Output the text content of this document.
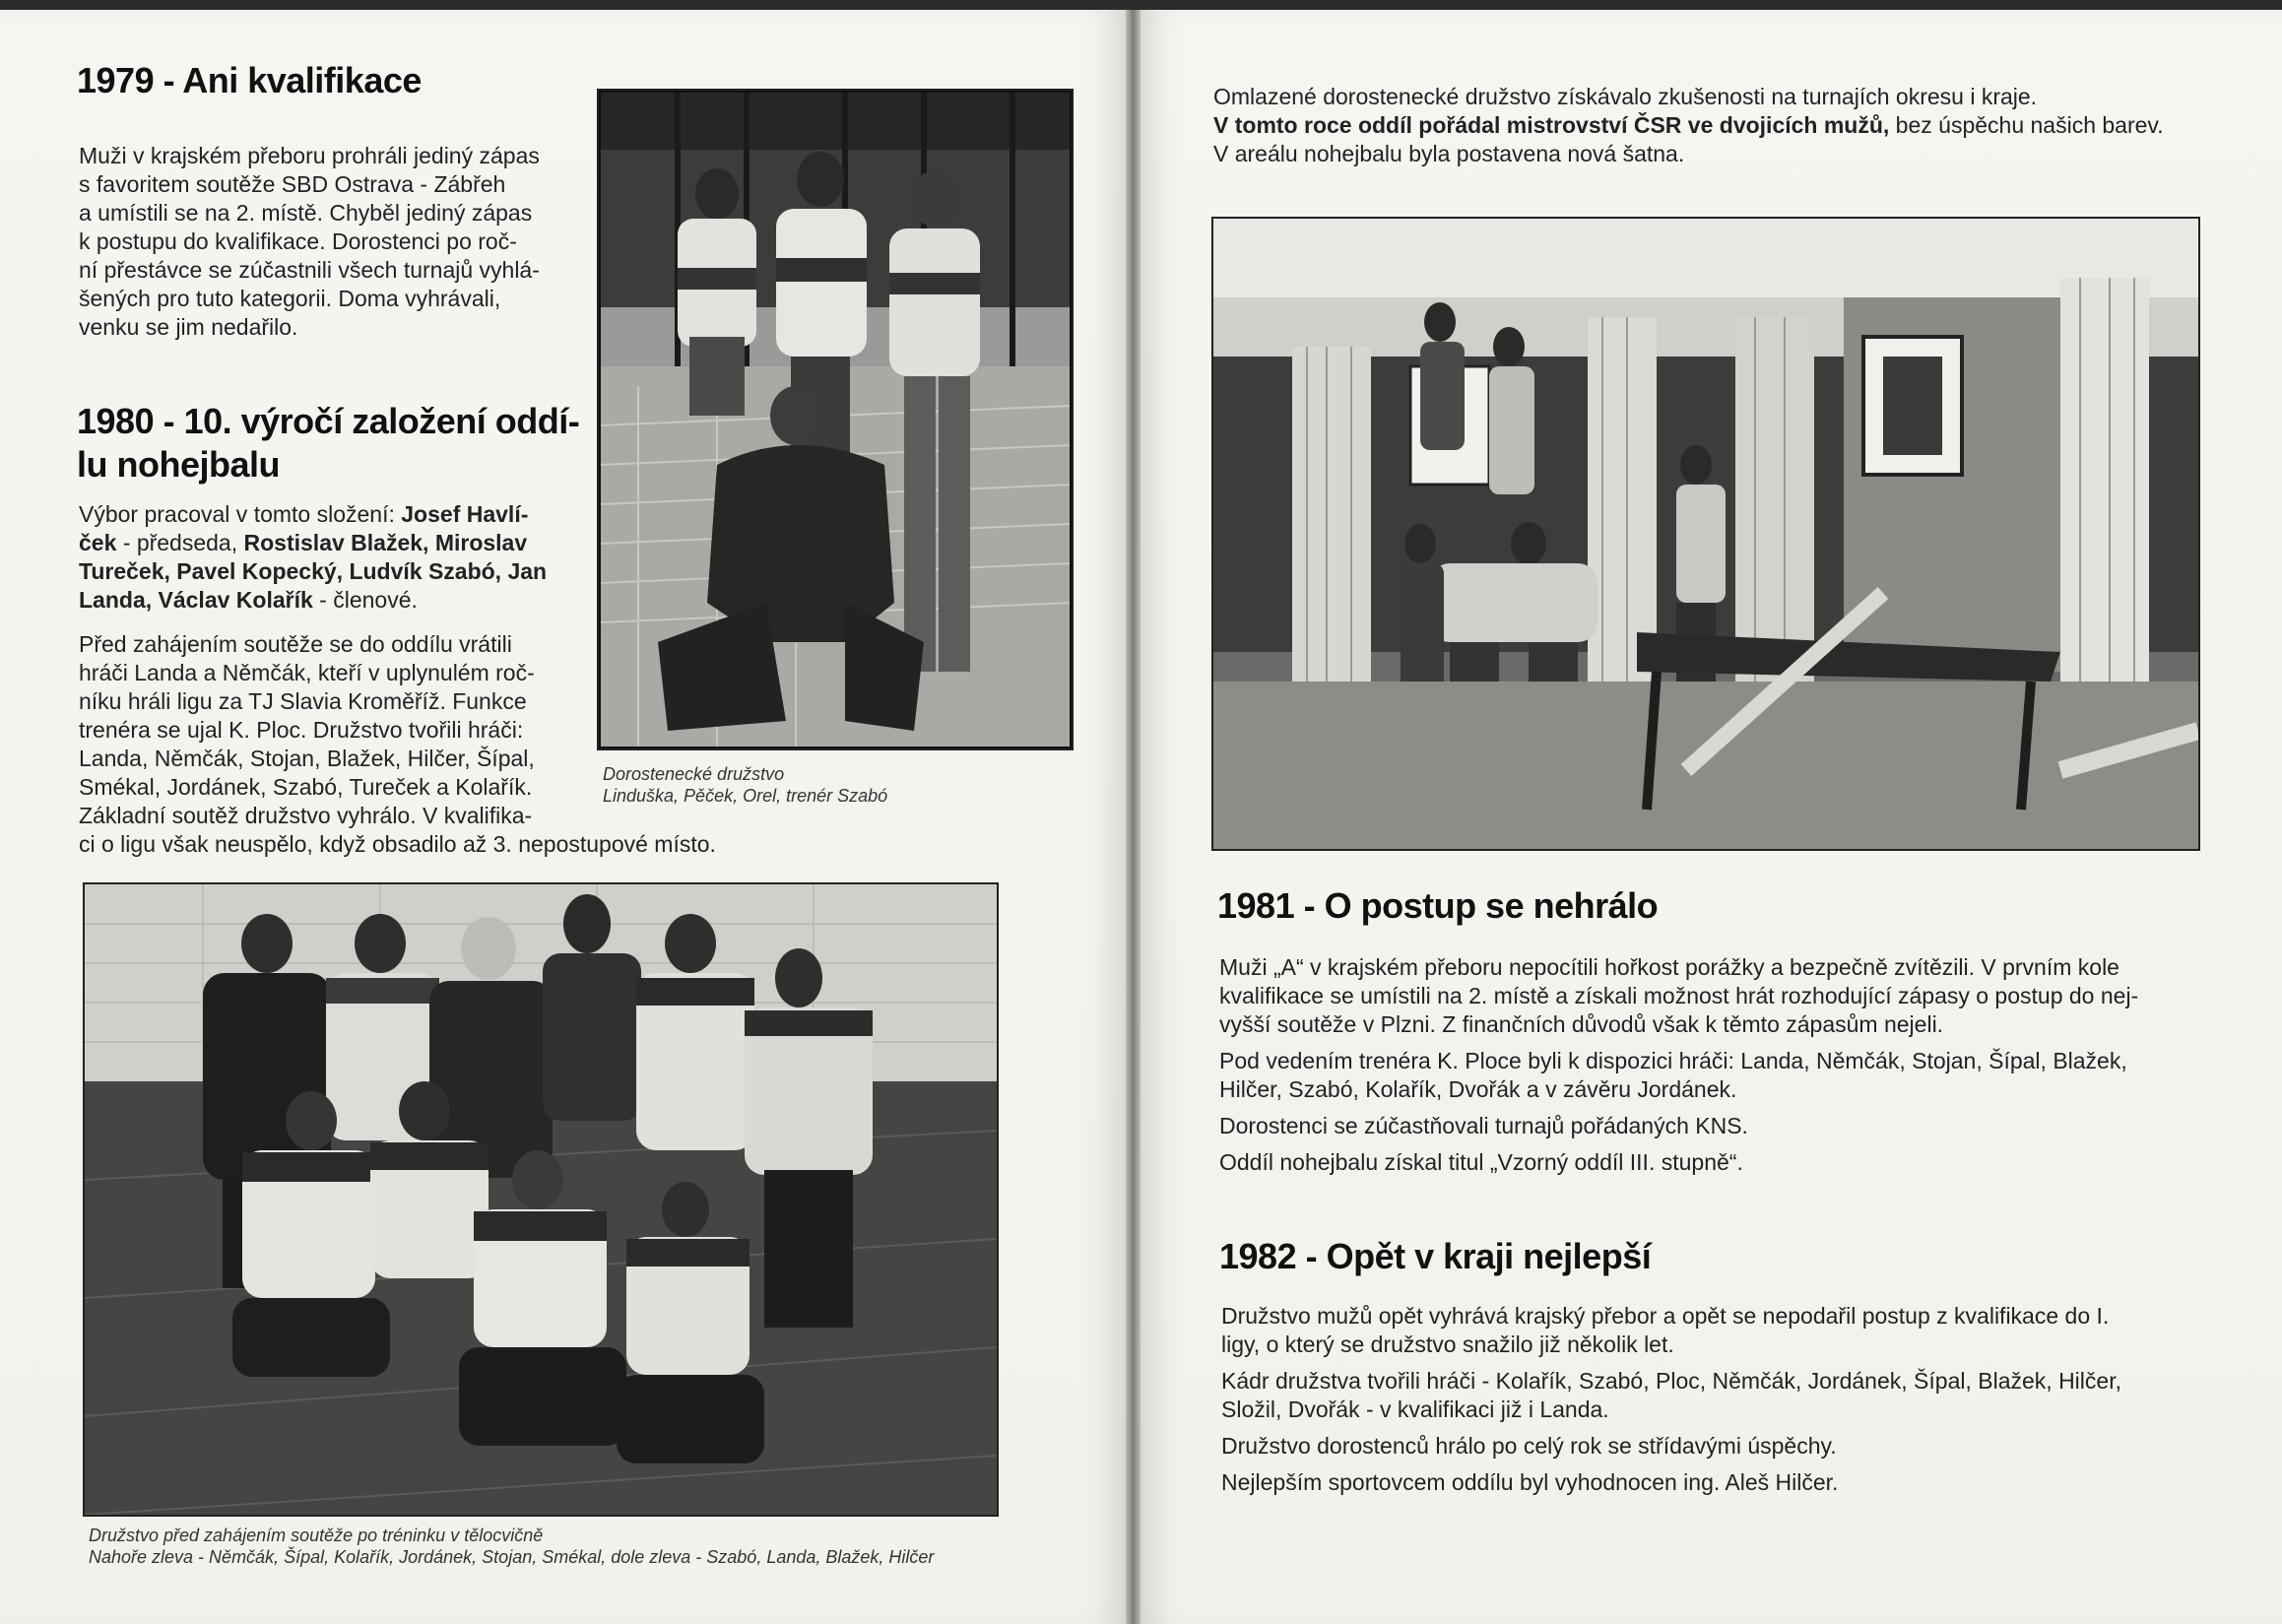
1979 - Ani kvalifikace

Muži v krajském přeboru prohráli jediný zápas

s favoritem soutěže SBD Ostrava - Zábřeh

a umístili se na 2. místě. Chyběl jediný zápas

k postupu do kvalifikace. Dorostenci po roč-

ní přestávce se zúčastnili všech turnajů vyhlá-

šených pro tuto kategorii. Doma vyhrávali,

venku se jim nedařilo.

1980 - 10. výročí založení oddí-
lu nohejbalu

Výbor pracoval v tomto složení: Josef Havlí-

ček - předseda, Rostislav Blažek, Miroslav

Tureček, Pavel Kopecký, Ludvík Szabó, Jan

Landa, Václav Kolařík - členové.

Před zahájením soutěže se do oddílu vrátili

hráči Landa a Němčák, kteří v uplynulém roč-

níku hráli ligu za TJ Slavia Kroměříž. Funkce

trenéra se ujal K. Ploc. Družstvo tvořili hráči:

Landa, Němčák, Stojan, Blažek, Hilčer, Šípal,

Smékal, Jordánek, Szabó, Tureček a Kolařík.

Základní soutěž družstvo vyhrálo. V kvalifika-

ci o ligu však neuspělo, když obsadilo až 3. nepostupové místo.

Dorostenecké družstvo
Linduška, Pěček, Orel, trenér Szabó
Družstvo před zahájením soutěže po tréninku v tělocvičně
Nahoře zleva - Němčák, Šípal, Kolařík, Jordánek, Stojan, Smékal, dole zleva - Szabó, Landa, Blažek, Hilčer

Omlazené dorostenecké družstvo získávalo zkušenosti na turnajích okresu i kraje.

V tomto roce oddíl pořádal mistrovství ČSR ve dvojicích mužů, bez úspěchu našich barev.

V areálu nohejbalu byla postavena nová šatna.

1981 - O postup se nehrálo

Muži „A“ v krajském přeboru nepocítili hořkost porážky a bezpečně zvítězili. V prvním kole

kvalifikace se umístili na 2. místě a získali možnost hrát rozhodující zápasy o postup do nej-

vyšší soutěže v Plzni. Z finančních důvodů však k těmto zápasům nejeli.

Pod vedením trenéra K. Ploce byli k dispozici hráči: Landa, Němčák, Stojan, Šípal, Blažek,

Hilčer, Szabó, Kolařík, Dvořák a v závěru Jordánek.

Dorostenci se zúčastňovali turnajů pořádaných KNS.

Oddíl nohejbalu získal titul „Vzorný oddíl III. stupně“.

1982 - Opět v kraji nejlepší

Družstvo mužů opět vyhrává krajský přebor a opět se nepodařil postup z kvalifikace do I.

ligy, o který se družstvo snažilo již několik let.

Kádr družstva tvořili hráči - Kolařík, Szabó, Ploc, Němčák, Jordánek, Šípal, Blažek, Hilčer,

Složil, Dvořák - v kvalifikaci již i Landa.

Družstvo dorostenců hrálo po celý rok se střídavými úspěchy.

Nejlepším sportovcem oddílu byl vyhodnocen ing. Aleš Hilčer.
